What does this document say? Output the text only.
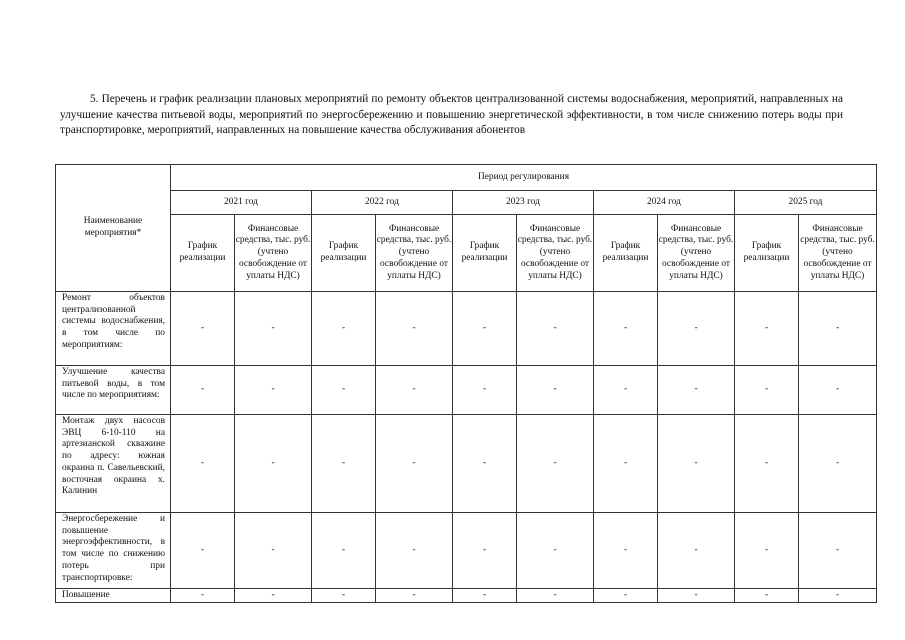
5. Перечень и график реализации плановых мероприятий по ремонту объектов централизованной системы водоснабжения, мероприятий, направленных на улучшение качества питьевой воды, мероприятий по энергосбережению и повышению энергетической эффективности, в том числе снижению потерь воды при транспортировке, мероприятий, направленных на повышение качества обслуживания абонентов
Наименование мероприятия*	Период регулирования									
	2021 год		2022 год		2023 год		2024 год		2025 год	
	График реализации	Финансовые средства, тыс. руб. (учтено освобождение от уплаты НДС)	График реализации	Финансовые средства, тыс. руб. (учтено освобождение от уплаты НДС)	График реализации	Финансовые средства, тыс. руб. (учтено освобождение от уплаты НДС)	График реализации	Финансовые средства, тыс. руб. (учтено освобождение от уплаты НДС)	График реализации	Финансовые средства, тыс. руб. (учтено освобождение от уплаты НДС)
Ремонт объектов централизованной системы водоснабжения, в том числе по мероприятиям:	-	-	-	-	-	-	-	-	-	-
Улучшение качества питьевой воды, в том числе по мероприятиям:	-	-	-	-	-	-	-	-	-	-
Монтаж двух насосов ЭВЦ 6-10-110 на артезианской скважине по адресу: южная окраина п. Савельевский, восточная окраина х. Калинин	-	-	-	-	-	-	-	-	-	-
Энергосбережение и повышение энергоэффективности, в том числе по снижению потерь при транспортировке:	-	-	-	-	-	-	-	-	-	-
Повышение	-	-	-	-	-	-	-	-	-	-
